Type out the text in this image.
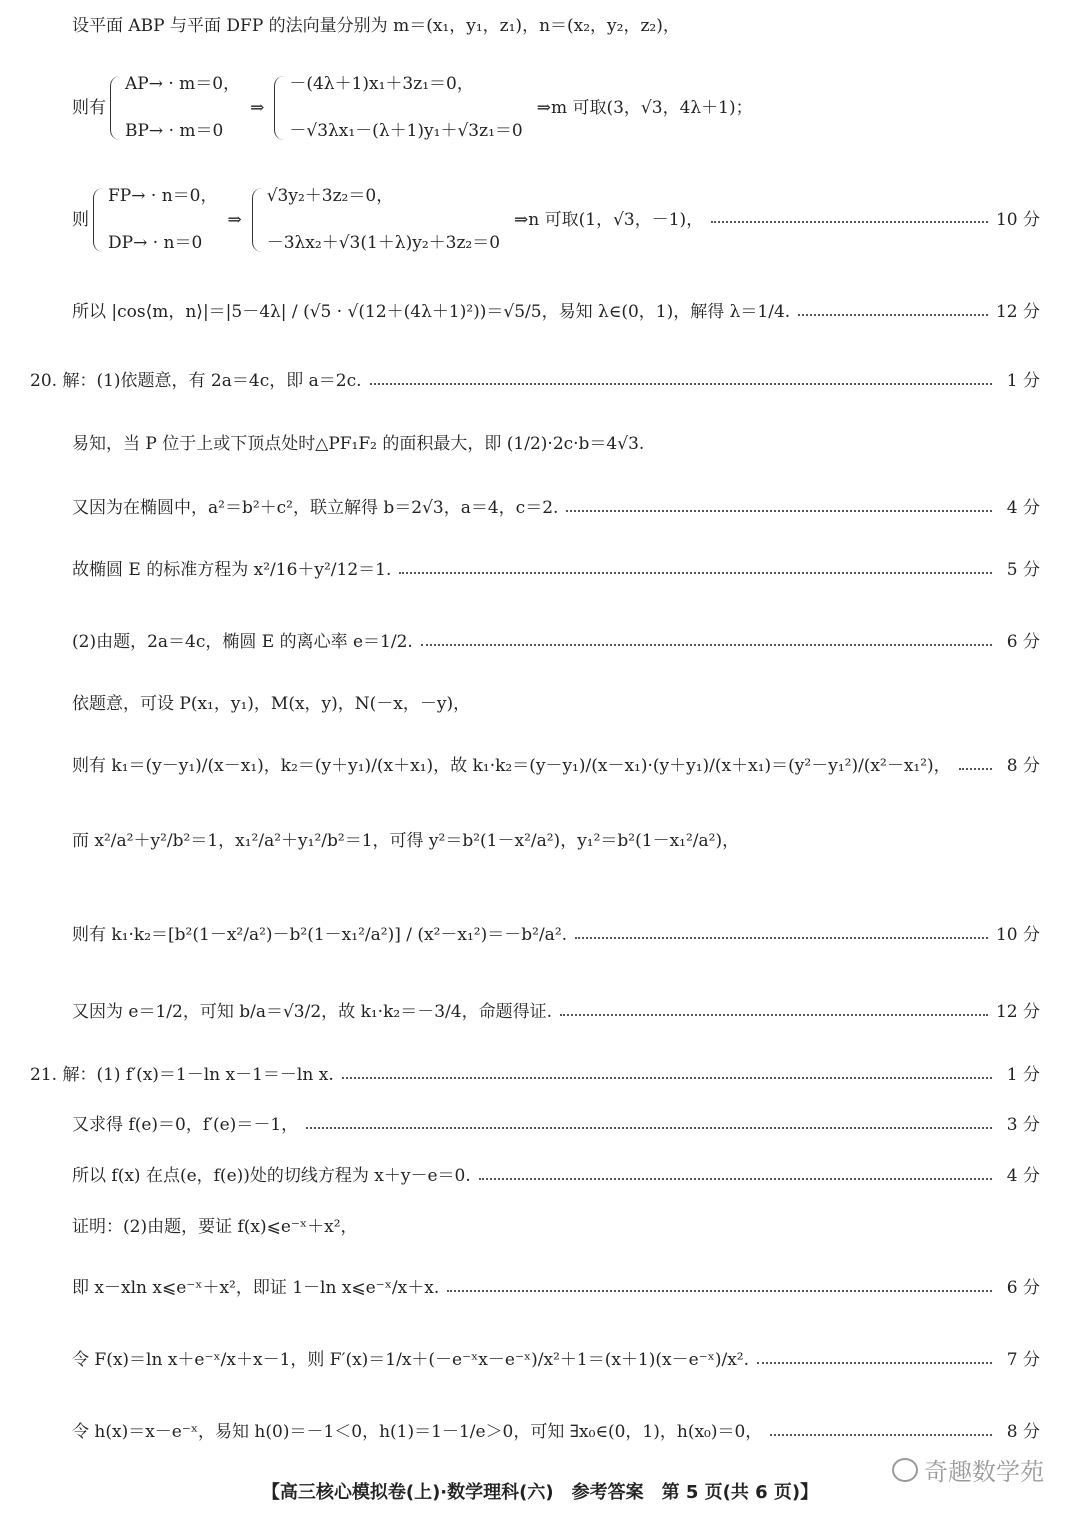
设平面 ABP 与平面 DFP 的法向量分别为 m＝(x₁，y₁，z₁)，n＝(x₂，y₂，z₂)，
则有
AP→ · m＝0，
BP→ · m＝0
⇒
－(4λ＋1)x₁＋3z₁＝0，
－√3λx₁－(λ＋1)y₁＋√3z₁＝0
⇒m 可取(3，√3，4λ＋1)；
则
FP→ · n＝0，
DP→ · n＝0
⇒
√3y₂＋3z₂＝0，
－3λx₂＋√3(1＋λ)y₂＋3z₂＝0
⇒n 可取(1，√3，－1)，	10 分
所以 |cos⟨m，n⟩|＝|5－4λ| / (√5 · √(12＋(4λ＋1)²))＝√5/5，易知 λ∈(0，1)，解得 λ＝1/4.	12 分
20. 解：(1)依题意，有 2a＝4c，即 a＝2c.	1 分
易知，当 P 位于上或下顶点处时△PF₁F₂ 的面积最大，即 (1/2)·2c·b＝4√3.
又因为在椭圆中，a²＝b²＋c²，联立解得 b＝2√3，a＝4，c＝2.	4 分
故椭圆 E 的标准方程为 x²/16＋y²/12＝1.	5 分
(2)由题，2a＝4c，椭圆 E 的离心率 e＝1/2.	6 分
依题意，可设 P(x₁，y₁)，M(x，y)，N(－x，－y)，
则有 k₁＝(y－y₁)/(x－x₁)，k₂＝(y＋y₁)/(x＋x₁)，故 k₁·k₂＝(y－y₁)/(x－x₁)·(y＋y₁)/(x＋x₁)＝(y²－y₁²)/(x²－x₁²)，	8 分
而 x²/a²＋y²/b²＝1，x₁²/a²＋y₁²/b²＝1，可得 y²＝b²(1－x²/a²)，y₁²＝b²(1－x₁²/a²)，
则有 k₁·k₂＝[b²(1－x²/a²)－b²(1－x₁²/a²)] / (x²－x₁²)＝－b²/a².	10 分
又因为 e＝1/2，可知 b/a＝√3/2，故 k₁·k₂＝－3/4，命题得证.	12 分
21. 解：(1) f′(x)＝1－ln x－1＝－ln x.	1 分
又求得 f(e)＝0，f′(e)＝－1，	3 分
所以 f(x) 在点(e，f(e))处的切线方程为 x＋y－e＝0.	4 分
证明：(2)由题，要证 f(x)⩽e⁻ˣ＋x²，
即 x－xln x⩽e⁻ˣ＋x²，即证 1－ln x⩽e⁻ˣ/x＋x.	6 分
令 F(x)＝ln x＋e⁻ˣ/x＋x－1，则 F′(x)＝1/x＋(－e⁻ˣx－e⁻ˣ)/x²＋1＝(x＋1)(x－e⁻ˣ)/x².	7 分
令 h(x)＝x－e⁻ˣ，易知 h(0)＝－1＜0，h(1)＝1－1/e＞0，可知 ∃x₀∈(0，1)，h(x₀)＝0，	8 分
奇趣数学苑
【高三核心模拟卷(上)·数学理科(六)　参考答案　第 5 页(共 6 页)】
